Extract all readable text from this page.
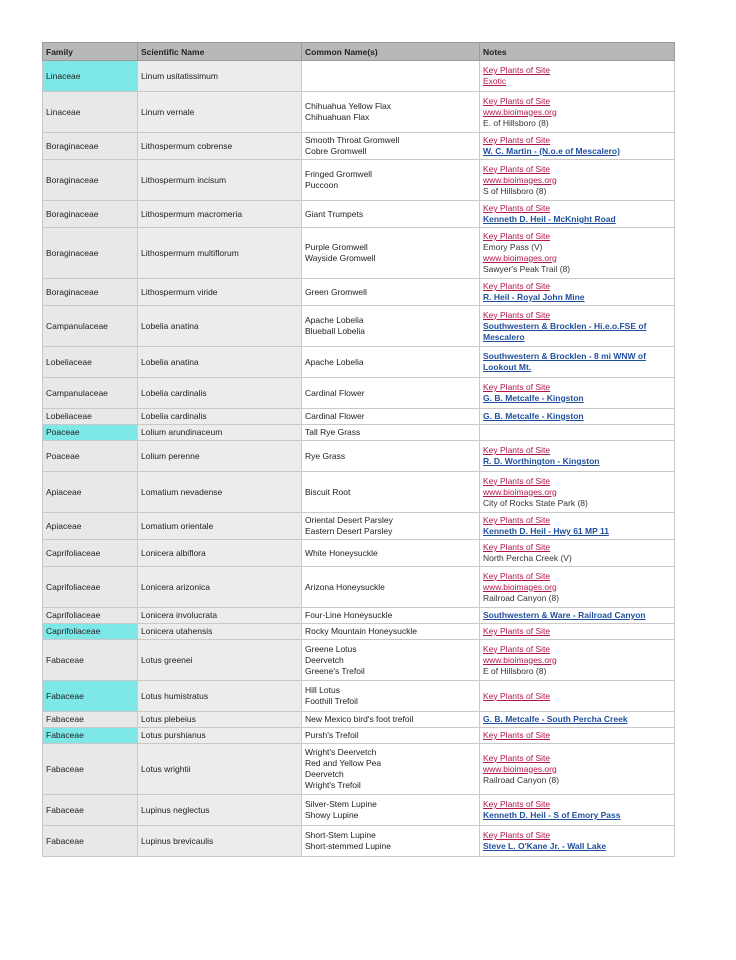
Family	Scientific Name	Common Name(s)	Notes
Linaceae	Linum usitatissimum		Key Plants of Site
Exotic

Linaceae	Linum vernale	Chihuahua Yellow Flax
Chihuahuan Flax	Key Plants of Site
www.bioimages.org
E. of Hillsboro (8)

Boraginaceae	Lithospermum cobrense	Smooth Throat Gromwell
Cobre Gromwell	Key Plants of Site
W. C. Martin - (N.o.e of Mescalero)

Boraginaceae	Lithospermum incisum	Fringed Gromwell
Puccoon	Key Plants of Site
www.bioimages.org
S of Hillsboro (8)

Boraginaceae	Lithospermum macromeria	Giant Trumpets	Key Plants of Site
Kenneth D. Heil - McKnight Road

Boraginaceae	Lithospermum multiflorum	Purple Gromwell
Wayside Gromwell	Key Plants of Site
Emory Pass (V)
www.bioimages.org
Sawyer's Peak Trail (8)

Boraginaceae	Lithospermum viride	Green Gromwell	Key Plants of Site
R. Heil - Royal John Mine

Campanulaceae	Lobelia anatina	Apache Lobelia
Blueball Lobelia	Key Plants of Site
Southwestern & Brocklen - Hi.e.o.FSE of
Mescalero

Lobeliaceae	Lobelia anatina	Apache Lobelia	Southwestern & Brocklen - 8 mi WNW of
Lookout Mt.

Campanulaceae	Lobelia cardinalis	Cardinal Flower	Key Plants of Site
G. B. Metcalfe - Kingston

Lobeliaceae	Lobelia cardinalis	Cardinal Flower	G. B. Metcalfe - Kingston

Poaceae	Lolium arundinaceum	Tall Rye Grass	

Poaceae	Lolium perenne	Rye Grass	Key Plants of Site
R. D. Worthington - Kingston

Apiaceae	Lomatium nevadense	Biscuit Root	Key Plants of Site
www.bioimages.org
City of Rocks State Park (8)

Apiaceae	Lomatium orientale	Oriental Desert Parsley
Eastern Desert Parsley	Key Plants of Site
Kenneth D. Heil - Hwy 61 MP 11

Caprifoliaceae	Lonicera albiflora	White Honeysuckle	Key Plants of Site
North Percha Creek (V)

Caprifoliaceae	Lonicera arizonica	Arizona Honeysuckle	Key Plants of Site
www.bioimages.org
Railroad Canyon (8)

Caprifoliaceae	Lonicera involucrata	Four-Line Honeysuckle	Southwestern & Ware - Railroad Canyon

Caprifoliaceae	Lonicera utahensis	Rocky Mountain Honeysuckle	Key Plants of Site

Fabaceae	Lotus greenei	Greene Lotus
Deervetch
Greene's Trefoil	Key Plants of Site
www.bioimages.org
E of Hillsboro (8)

Fabaceae	Lotus humistratus	Hill Lotus
Foothill Trefoil	Key Plants of Site

Fabaceae	Lotus plebeius	New Mexico bird's foot trefoil	G. B. Metcalfe - South Percha Creek

Fabaceae	Lotus purshianus	Pursh's Trefoil	Key Plants of Site

Fabaceae	Lotus wrightii	Wright's Deervetch
Red and Yellow Pea
Deervetch
Wright's Trefoil	Key Plants of Site
www.bioimages.org
Railroad Canyon (8)

Fabaceae	Lupinus neglectus	Silver-Stem Lupine
Showy Lupine	Key Plants of Site
Kenneth D. Heil - S of Emory Pass

Fabaceae	Lupinus brevicaulis	Short-Stem Lupine
Short-stemmed Lupine	Key Plants of Site
Steve L. O'Kane Jr. - Wall Lake
